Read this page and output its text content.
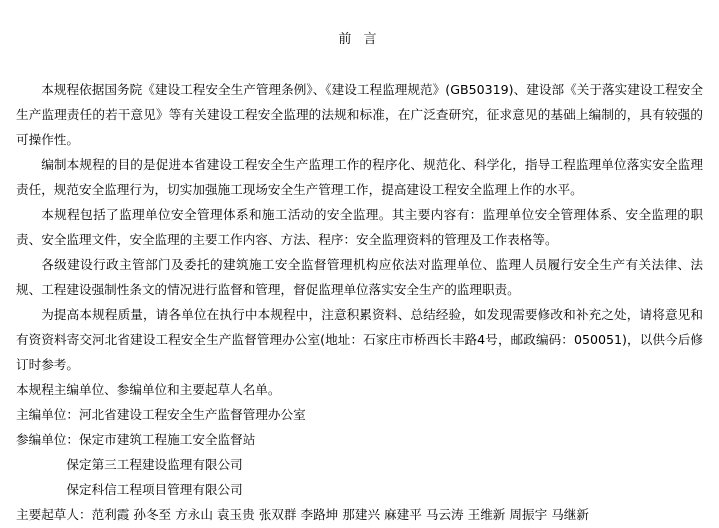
前 言

本规程依据国务院《建设工程安全生产管理条例》、《建设工程监理规范》(GB50319)、建设部《关于落实建设工程安全生产监理责任的若干意见》等有关建设工程安全监理的法规和标准，在广泛查研究，征求意见的基础上编制的，具有较强的可操作性。

编制本规程的目的是促进本省建设工程安全生产监理工作的程序化、规范化、科学化，指导工程监理单位落实安全监理责任，规范安全监理行为，切实加强施工现场安全生产管理工作，提高建设工程安全监理上作的水平。

本规程包括了监理单位安全管理体系和施工活动的安全监理。其主要内容有：监理单位安全管理体系、安全监理的职责、安全监理文件，安全监理的主要工作内容、方法、程序：安全监理资料的管理及工作表格等。

各级建设行政主管部门及委托的建筑施工安全监督管理机构应依法对监理单位、监理人员履行安全生产有关法律、法规、工程建设强制性条文的情况进行监督和管理，督促监理单位落实安全生产的监理职责。

为提高本规程质量，请各单位在执行中本规程中，注意积累资料、总结经验，如发现需要修改和补充之处，请将意见和有资资料寄交河北省建设工程安全生产监督管理办公室(地址：石家庄市桥西长丰路4号，邮政编码：050051)，以供今后修订时参考。

本规程主编单位、参编单位和主要起草人名单。

主编单位：河北省建设工程安全生产监督管理办公室

参编单位：保定市建筑工程施工安全监督站

保定第三工程建设监理有限公司

保定科信工程项目管理有限公司

主要起草人：范利霞 孙冬至 方永山 袁玉贵 张双群 李路坤 那建兴 麻建平 马云涛 王维新 周振宇 马继新
